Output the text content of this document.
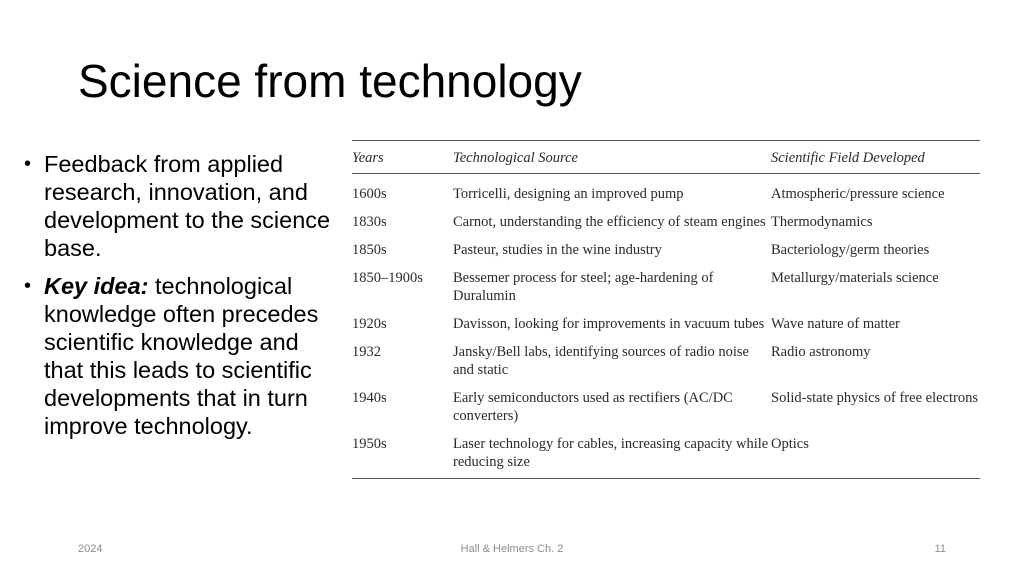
Science from technology
• Feedback from applied research, innovation, and development to the science base.
• Key idea: technological knowledge often precedes scientific knowledge and that this leads to scientific developments that in turn improve technology.
Years	Technological Source	Scientific Field Developed
1600s	Torricelli, designing an improved pump	Atmospheric/pressure science
1830s	Carnot, understanding the efficiency of steam engines	Thermodynamics
1850s	Pasteur, studies in the wine industry	Bacteriology/germ theories
1850–1900s	Bessemer process for steel; age-hardening of Duralumin	Metallurgy/materials science
1920s	Davisson, looking for improvements in vacuum tubes	Wave nature of matter
1932	Jansky/Bell labs, identifying sources of radio noise and static	Radio astronomy
1940s	Early semiconductors used as rectifiers (AC/DC converters)	Solid-state physics of free electrons
1950s	Laser technology for cables, increasing capacity while reducing size	Optics
2024	Hall & Helmers Ch. 2	11
